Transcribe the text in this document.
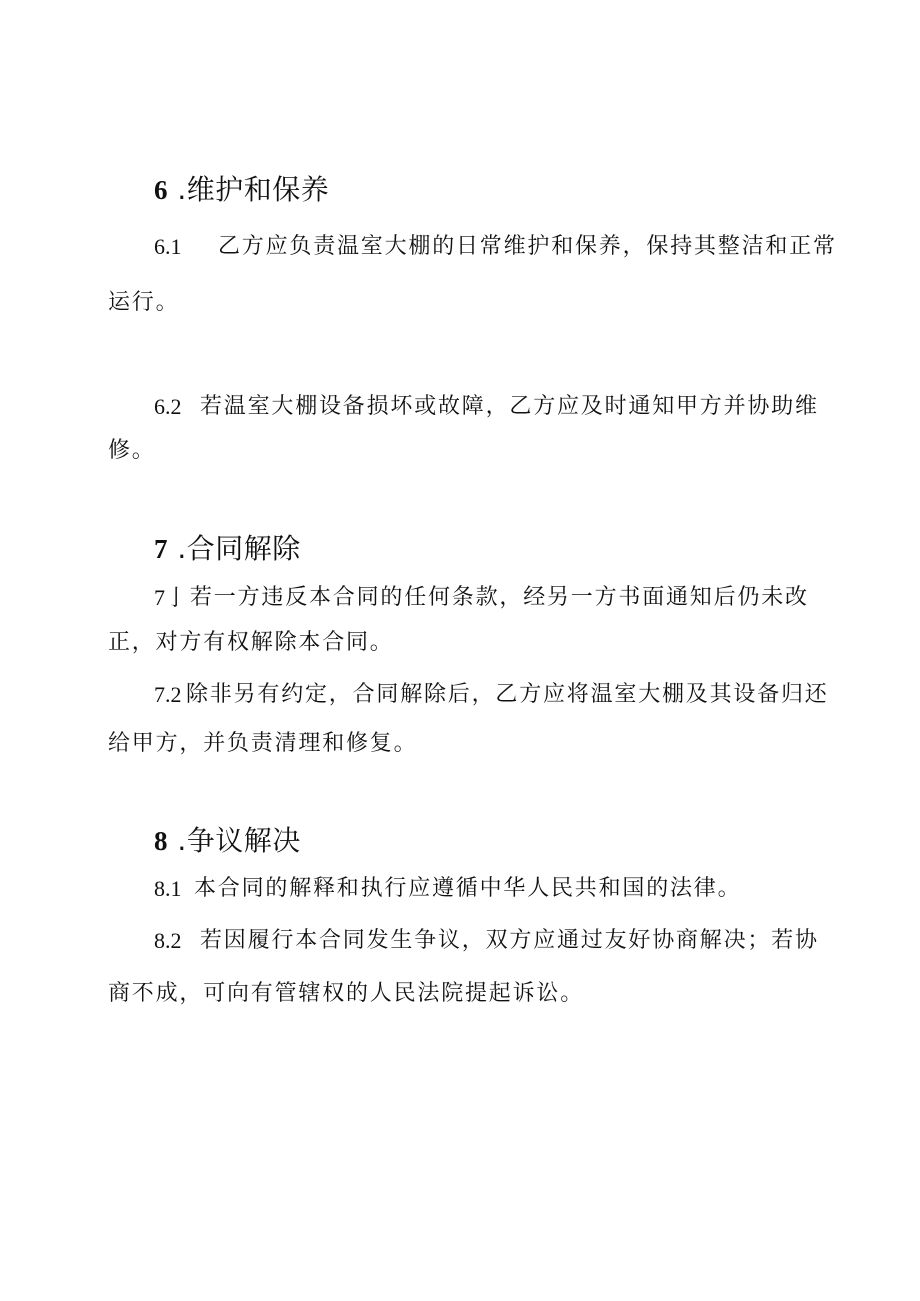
6 .维护和保养
6.1 乙方应负责温室大棚的日常维护和保养，保持其整洁和正常
运行。
6.2 若温室大棚设备损坏或故障，乙方应及时通知甲方并协助维
修。
7 .合同解除
7亅 若一方违反本合同的任何条款，经另一方书面通知后仍未改
正，对方有权解除本合同。
7.2 除非另有约定，合同解除后，乙方应将温室大棚及其设备归还
给甲方，并负责清理和修复。
8 .争议解决
8.1 本合同的解释和执行应遵循中华人民共和国的法律。
8.2 若因履行本合同发生争议，双方应通过友好协商解决；若协
商不成，可向有管辖权的人民法院提起诉讼。
